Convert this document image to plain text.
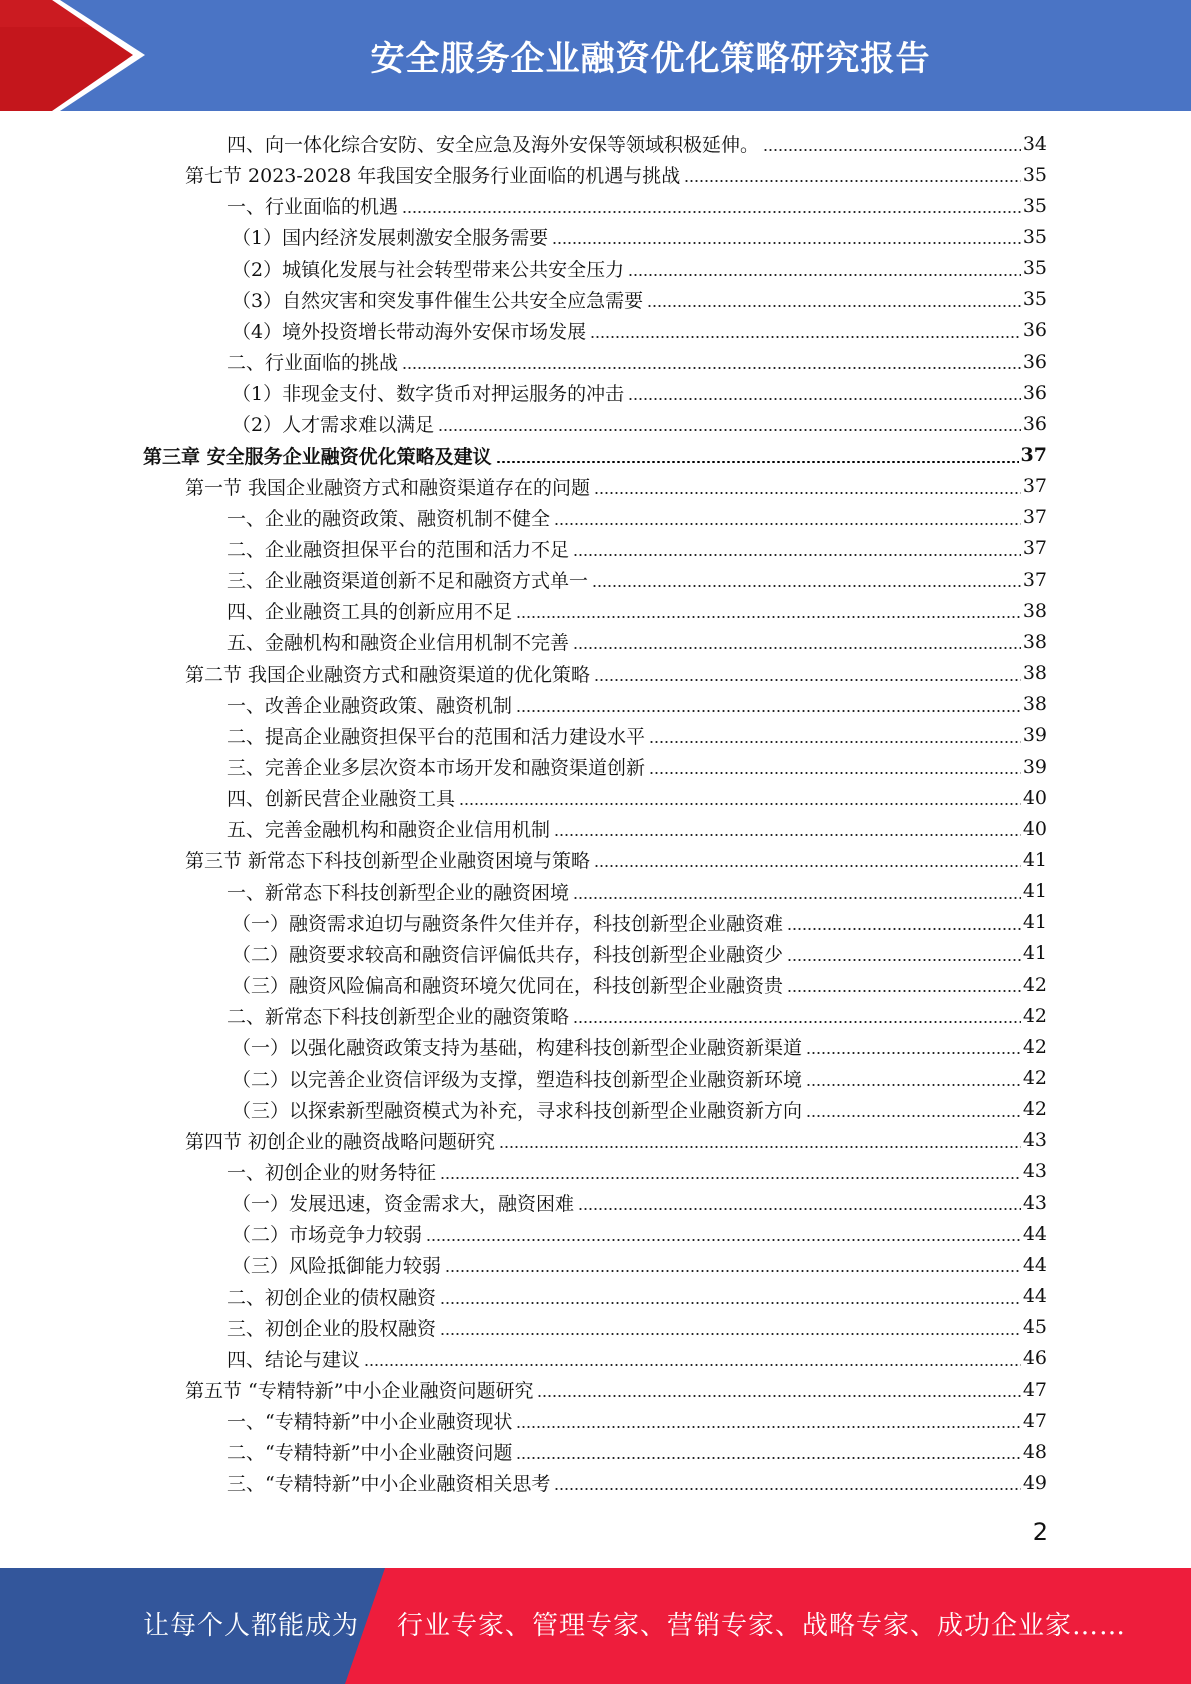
安全服务企业融资优化策略研究报告
四、向一体化综合安防、安全应急及海外安保等领域积极延伸。	34
第七节 2023-2028 年我国安全服务行业面临的机遇与挑战	35
一、行业面临的机遇	35
（1）国内经济发展刺激安全服务需要	35
（2）城镇化发展与社会转型带来公共安全压力	35
（3）自然灾害和突发事件催生公共安全应急需要	35
（4）境外投资增长带动海外安保市场发展	36
二、行业面临的挑战	36
（1）非现金支付、数字货币对押运服务的冲击	36
（2）人才需求难以满足	36
第三章 安全服务企业融资优化策略及建议	37
第一节 我国企业融资方式和融资渠道存在的问题	37
一、企业的融资政策、融资机制不健全	37
二、企业融资担保平台的范围和活力不足	37
三、企业融资渠道创新不足和融资方式单一	37
四、企业融资工具的创新应用不足	38
五、金融机构和融资企业信用机制不完善	38
第二节 我国企业融资方式和融资渠道的优化策略	38
一、改善企业融资政策、融资机制	38
二、提高企业融资担保平台的范围和活力建设水平	39
三、完善企业多层次资本市场开发和融资渠道创新	39
四、创新民营企业融资工具	40
五、完善金融机构和融资企业信用机制	40
第三节 新常态下科技创新型企业融资困境与策略	41
一、新常态下科技创新型企业的融资困境	41
（一）融资需求迫切与融资条件欠佳并存，科技创新型企业融资难	41
（二）融资要求较高和融资信评偏低共存，科技创新型企业融资少	41
（三）融资风险偏高和融资环境欠优同在，科技创新型企业融资贵	42
二、新常态下科技创新型企业的融资策略	42
（一）以强化融资政策支持为基础，构建科技创新型企业融资新渠道	42
（二）以完善企业资信评级为支撑，塑造科技创新型企业融资新环境	42
（三）以探索新型融资模式为补充，寻求科技创新型企业融资新方向	42
第四节 初创企业的融资战略问题研究	43
一、初创企业的财务特征	43
（一）发展迅速，资金需求大，融资困难	43
（二）市场竞争力较弱	44
（三）风险抵御能力较弱	44
二、初创企业的债权融资	44
三、初创企业的股权融资	45
四、结论与建议	46
第五节 “专精特新”中小企业融资问题研究	47
一、“专精特新”中小企业融资现状	47
二、“专精特新”中小企业融资问题	48
三、“专精特新”中小企业融资相关思考	49
2
让每个人都能成为 行业专家、管理专家、营销专家、战略专家、成功企业家……
